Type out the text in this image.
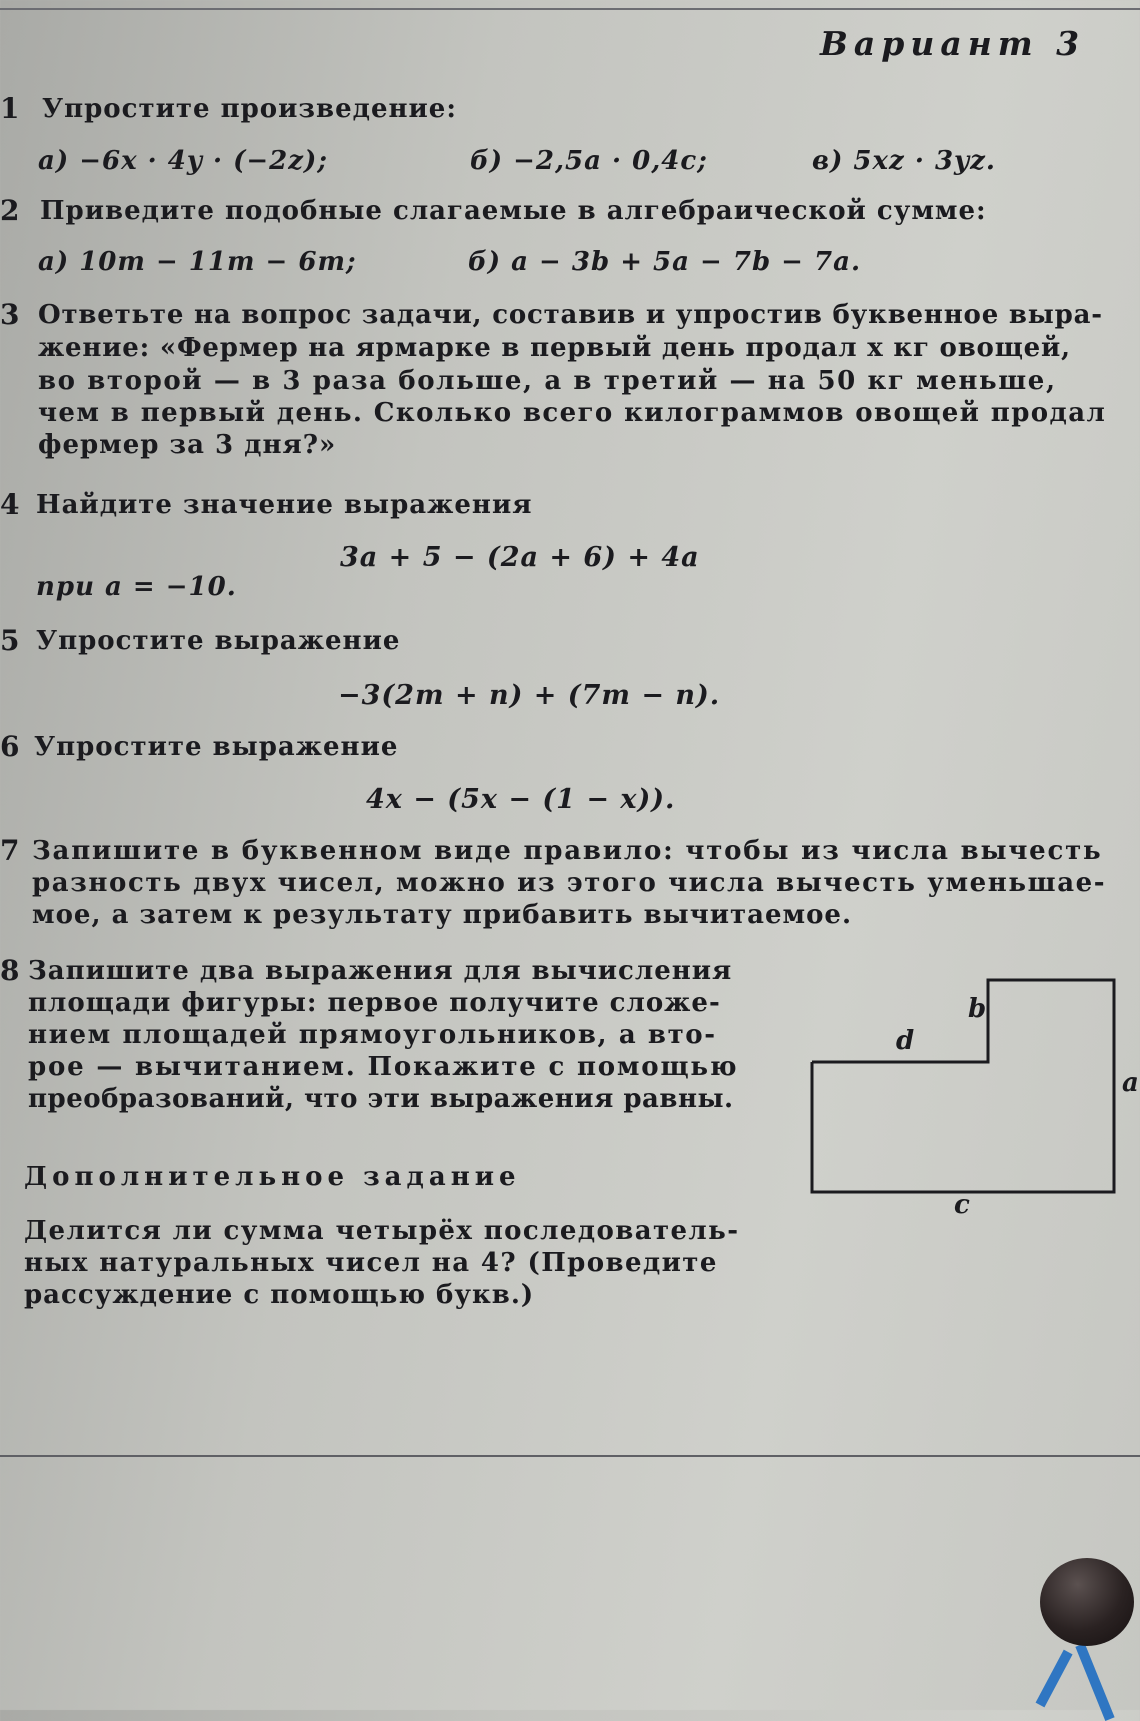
Вариант 3
1 Упростите произведение:
а) −6x · 4y · (−2z);	б) −2,5a · 0,4c;	в) 5xz · 3yz.
2 Приведите подобные слагаемые в алгебраической сумме:
а) 10m − 11m − 6m;	б) a − 3b + 5a − 7b − 7a.
3 Ответьте на вопрос задачи, составив и упростив буквенное выра-
жение: «Фермер на ярмарке в первый день продал x кг овощей,
во второй — в 3 раза больше, а в третий — на 50 кг меньше,
чем в первый день. Сколько всего килограммов овощей продал
фермер за 3 дня?»
4 Найдите значение выражения
3a + 5 − (2a + 6) + 4a
при a = −10.
5 Упростите выражение
−3(2m + n) + (7m − n).
6 Упростите выражение
4x − (5x − (1 − x)).
7 Запишите в буквенном виде правило: чтобы из числа вычесть
разность двух чисел, можно из этого числа вычесть уменьшае-
мое, а затем к результату прибавить вычитаемое.
8 Запишите два выражения для вычисления
площади фигуры: первое получите сложе-
нием площадей прямоугольников, а вто-
рое — вычитанием. Покажите с помощью
преобразований, что эти выражения равны.
b
d
a
c
Дополнительное задание
Делится ли сумма четырёх последователь-
ных натуральных чисел на 4? (Проведите
рассуждение с помощью букв.)
